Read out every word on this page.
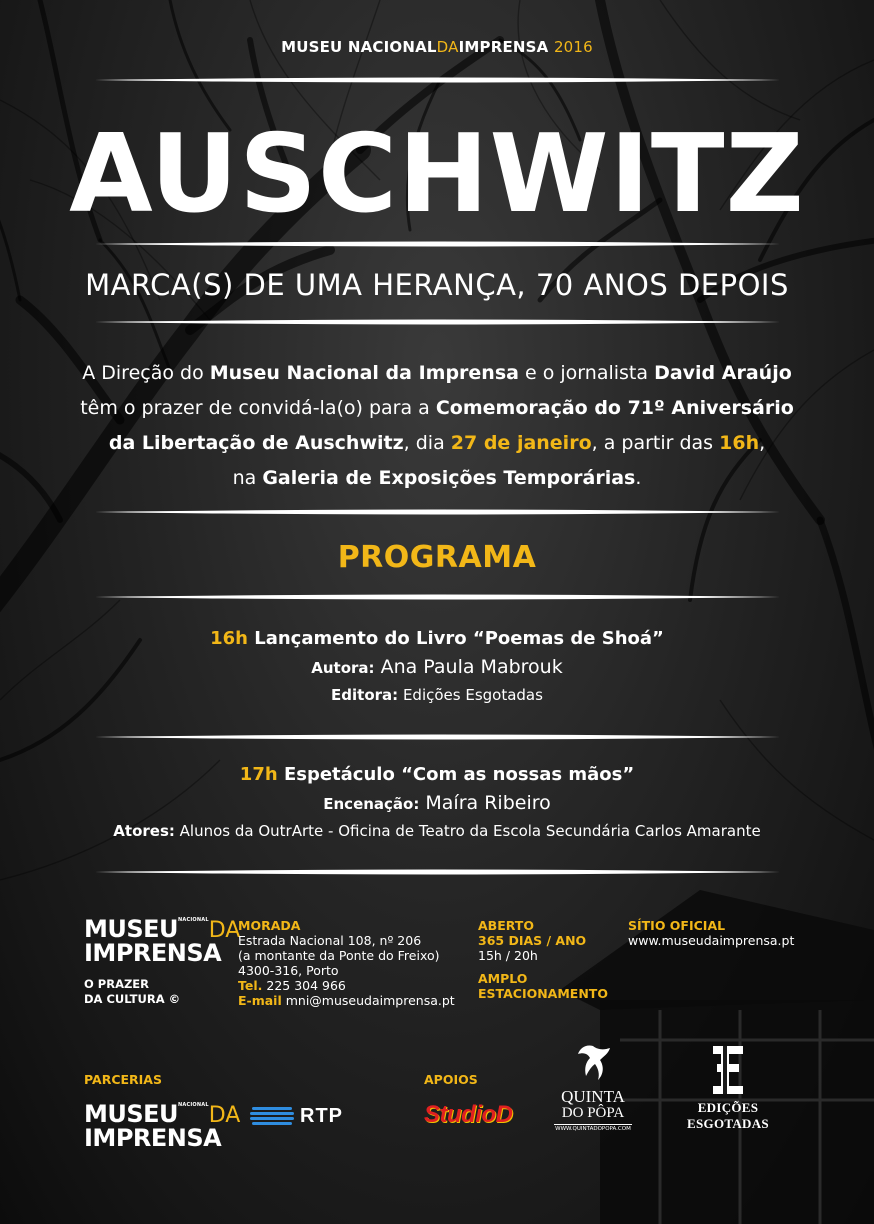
MUSEU NACIONALDAIMPRENSA 2016
AUSCHWITZ
MARCA(S) DE UMA HERANÇA, 70 ANOS DEPOIS
A Direção do Museu Nacional da Imprensa e o jornalista David Araújo
têm o prazer de convidá-la(o) para a Comemoração do 71º Aniversário
da Libertação de Auschwitz, dia 27 de janeiro, a partir das 16h,
na Galeria de Exposições Temporárias.
PROGRAMA
16h Lançamento do Livro “Poemas de Shoá”
Autora: Ana Paula Mabrouk
Editora: Edições Esgotadas
17h Espetáculo “Com as nossas mãos”
Encenação: Maíra Ribeiro
Atores: Alunos da OutrArte - Oficina de Teatro da Escola Secundária Carlos Amarante
$MUSEU^{NACIONAL}DA$
IMPRENSA
O PRAZER
DA CULTURA ©
MORADA
Estrada Nacional 108, nº 206
(a montante da Ponte do Freixo)
4300-316, Porto
Tel. 225 304 966
E-mail mni@museudaimprensa.pt
ABERTO
365 DIAS / ANO
15h / 20h
AMPLO
ESTACIONAMENTO
SÍTIO OFICIAL
www.museudaimprensa.pt
PARCERIAS	APOIOS
$MUSEU^{NACIONAL}DA$
IMPRENSA
RTP	StudioD
QUINTA
DO PÔPA
WWW.QUINTADOPOPA.COM
EDIÇÕES ESGOTADAS
